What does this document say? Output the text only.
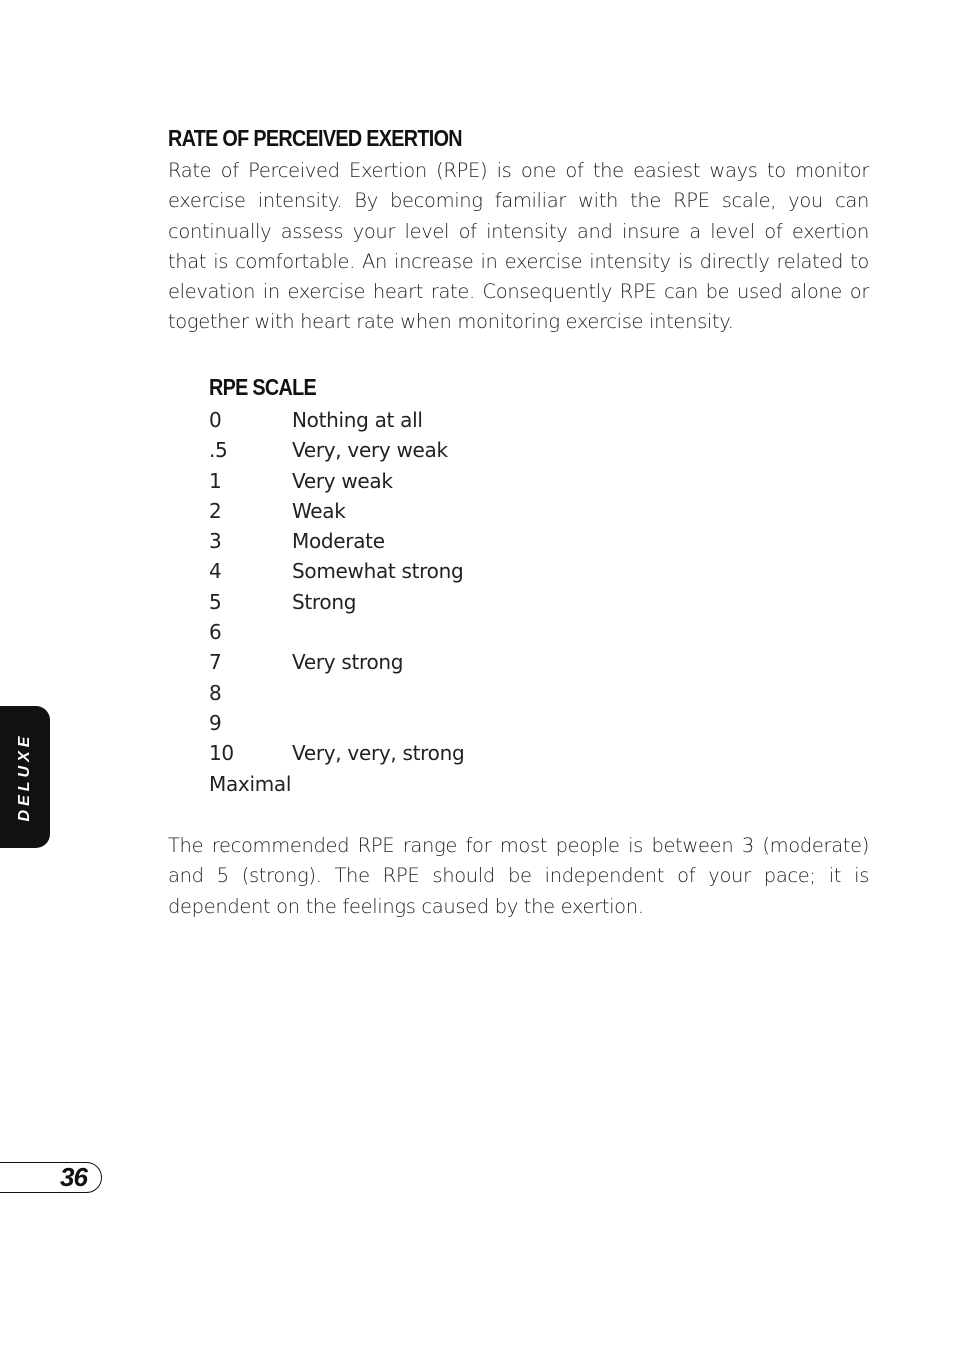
RATE OF PERCEIVED EXERTION

Rate of Perceived Exertion (RPE) is one of the easiest ways to monitor exercise intensity. By becoming familiar with the RPE scale, you can continually assess your level of intensity and insure a level of exertion that is comfortable. An increase in exercise intensity is directly related to elevation in exercise heart rate. Consequently RPE can be used alone or together with heart rate when monitoring exercise intensity.

RPE SCALE
0	Nothing at all
.5	Very, very weak
1	Very weak
2	Weak
3	Moderate
4	Somewhat strong
5	Strong
6
7	Very strong
8
9
10	Very, very, strong
Maximal

The recommended RPE range for most people is between 3 (moderate) and 5 (strong). The RPE should be independent of your pace; it is dependent on the feelings caused by the exertion.

DELUXE
36
